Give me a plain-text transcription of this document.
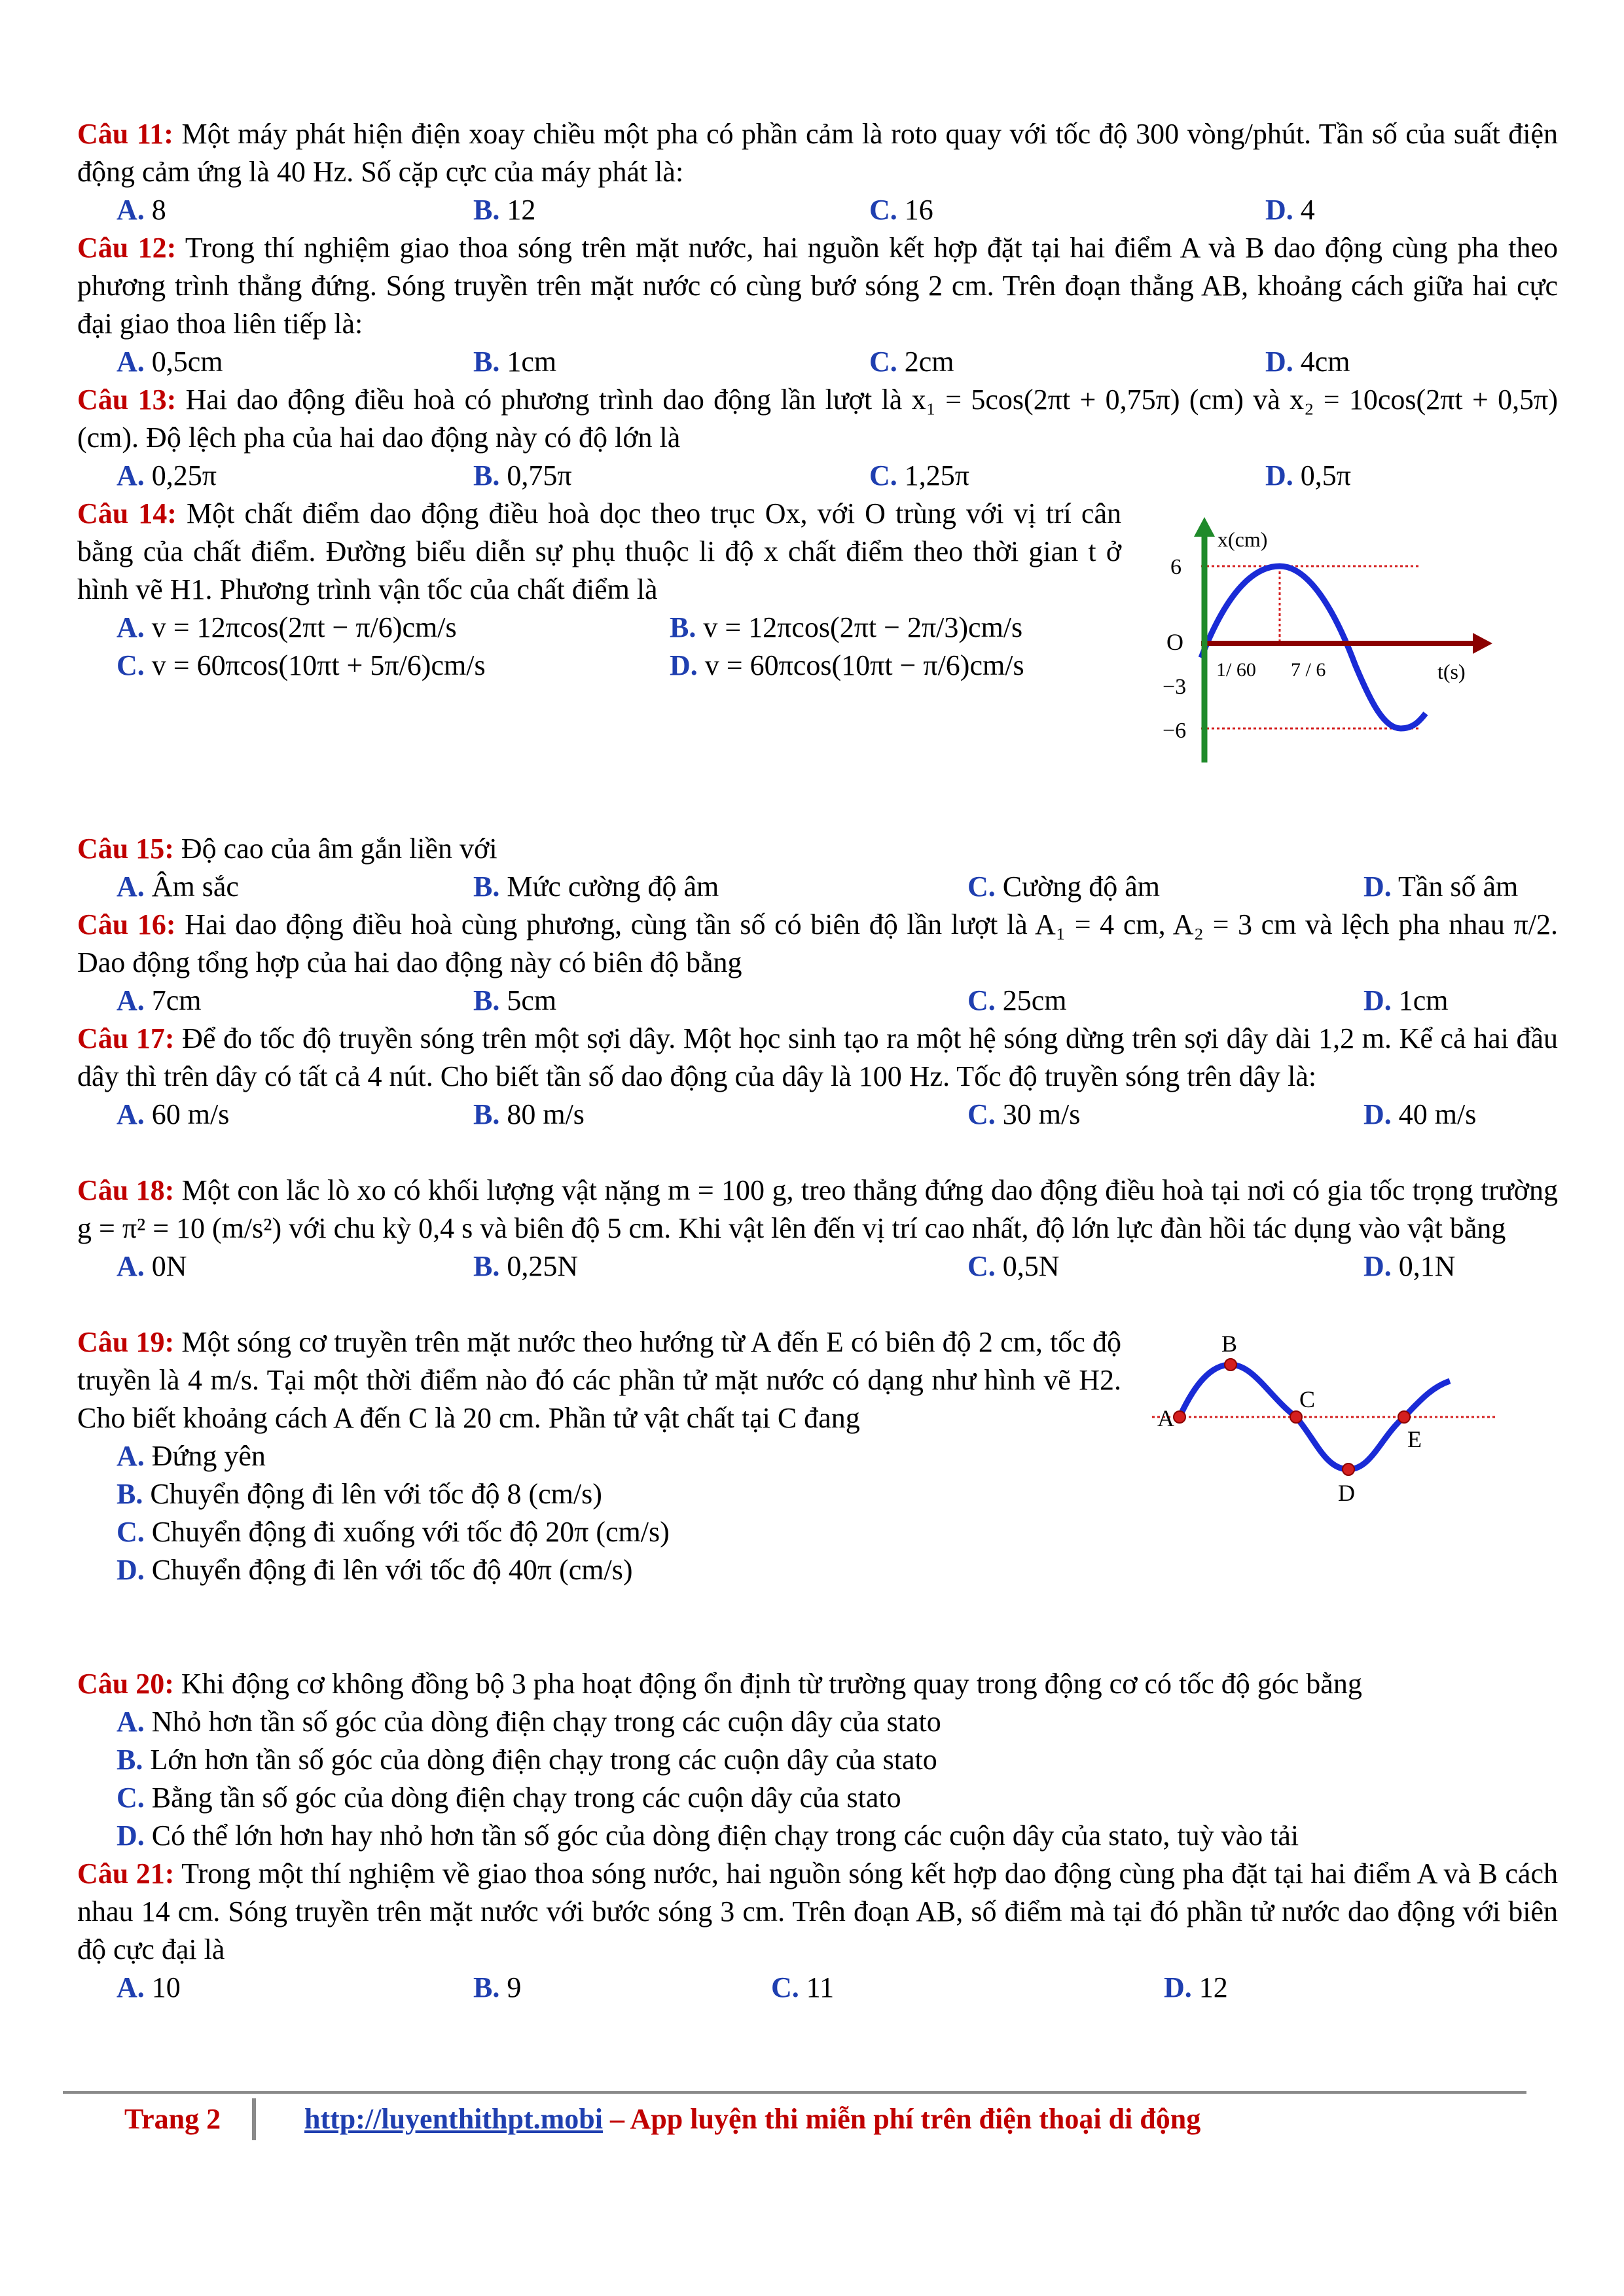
Câu 11: Một máy phát hiện điện xoay chiều một pha có phần cảm là roto quay với tốc độ 300 vòng/phút. Tần số của suất điện động cảm ứng là 40 Hz. Số cặp cực của máy phát là:
A. 8	B. 12	C. 16	D. 4
Câu 12: Trong thí nghiệm giao thoa sóng trên mặt nước, hai nguồn kết hợp đặt tại hai điểm A và B dao động cùng pha theo phương trình thẳng đứng. Sóng truyền trên mặt nước có cùng bướ sóng 2 cm. Trên đoạn thẳng AB, khoảng cách giữa hai cực đại giao thoa liên tiếp là:
A. 0,5cm	B. 1cm	C. 2cm	D. 4cm
Câu 13: Hai dao động điều hoà có phương trình dao động lần lượt là x₁ = 5cos(2πt + 0,75π) (cm) và x₂ = 10cos(2πt + 0,5π) (cm). Độ lệch pha của hai dao động này có độ lớn là
A. 0,25π	B. 0,75π	C. 1,25π	D. 0,5π
Câu 14: Một chất điểm dao động điều hoà dọc theo trục Ox, với O trùng với vị trí cân bằng của chất điểm. Đường biểu diễn sự phụ thuộc li độ x chất điểm theo thời gian t ở hình vẽ H1. Phương trình vận tốc của chất điểm là
A. v = 12πcos(2πt − π/6)cm/s	B. v = 12πcos(2πt − 2π/3)cm/s
C. v = 60πcos(10πt + 5π/6)cm/s	D. v = 60πcos(10πt − π/6)cm/s
x(cm)
6
O
−3
−6
1/ 60 7 / 6	t(s)
Câu 15: Độ cao của âm gắn liền với
A. Âm sắc	B. Mức cường độ âm	C. Cường độ âm	D. Tần số âm
Câu 16: Hai dao động điều hoà cùng phương, cùng tần số có biên độ lần lượt là A₁ = 4 cm, A₂ = 3 cm và lệch pha nhau π/2. Dao động tổng hợp của hai dao động này có biên độ bằng
A. 7cm	B. 5cm	C. 25cm	D. 1cm
Câu 17: Để đo tốc độ truyền sóng trên một sợi dây. Một học sinh tạo ra một hệ sóng dừng trên sợi dây dài 1,2 m. Kể cả hai đầu dây thì trên dây có tất cả 4 nút. Cho biết tần số dao động của dây là 100 Hz. Tốc độ truyền sóng trên dây là:
A. 60 m/s	B. 80 m/s	C. 30 m/s	D. 40 m/s
Câu 18: Một con lắc lò xo có khối lượng vật nặng m = 100 g, treo thẳng đứng dao động điều hoà tại nơi có gia tốc trọng trường g = π² = 10 (m/s²) với chu kỳ 0,4 s và biên độ 5 cm. Khi vật lên đến vị trí cao nhất, độ lớn lực đàn hồi tác dụng vào vật bằng
A. 0N	B. 0,25N	C. 0,5N	D. 0,1N
Câu 19: Một sóng cơ truyền trên mặt nước theo hướng từ A đến E có biên độ 2 cm, tốc độ truyền là 4 m/s. Tại một thời điểm nào đó các phần tử mặt nước có dạng như hình vẽ H2. Cho biết khoảng cách A đến C là 20 cm. Phần tử vật chất tại C đang
A. Đứng yên
B. Chuyển động đi lên với tốc độ 8 (cm/s)
C. Chuyển động đi xuống với tốc độ 20π (cm/s)
D. Chuyển động đi lên với tốc độ 40π (cm/s)
A
B
C
D
E
Câu 20: Khi động cơ không đồng bộ 3 pha hoạt động ổn định từ trường quay trong động cơ có tốc độ góc bằng
A. Nhỏ hơn tần số góc của dòng điện chạy trong các cuộn dây của stato
B. Lớn hơn tần số góc của dòng điện chạy trong các cuộn dây của stato
C. Bằng tần số góc của dòng điện chạy trong các cuộn dây của stato
D. Có thể lớn hơn hay nhỏ hơn tần số góc của dòng điện chạy trong các cuộn dây của stato, tuỳ vào tải
Câu 21: Trong một thí nghiệm về giao thoa sóng nước, hai nguồn sóng kết hợp dao động cùng pha đặt tại hai điểm A và B cách nhau 14 cm. Sóng truyền trên mặt nước với bước sóng 3 cm. Trên đoạn AB, số điểm mà tại đó phần tử nước dao động với biên độ cực đại là
A. 10	B. 9	C. 11	D. 12
Trang 2	http://luyenthithpt.mobi – App luyện thi miễn phí trên điện thoại di động
